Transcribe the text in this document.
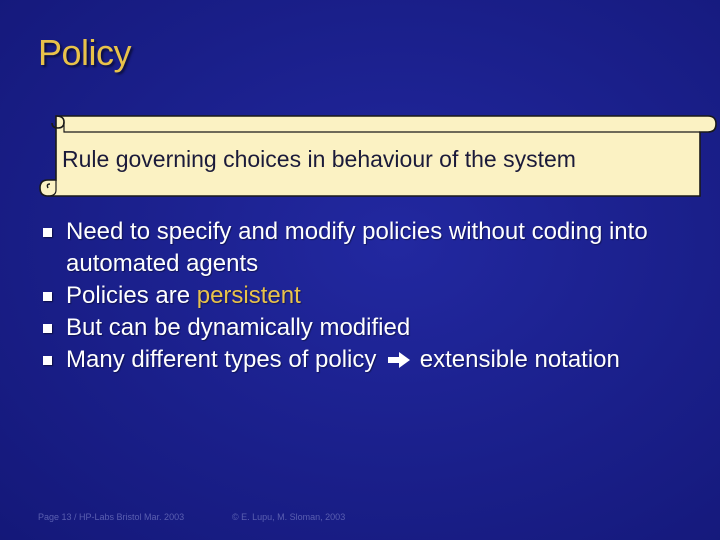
Policy
Rule governing choices in behaviour of the system
Need to specify and modify policies without coding into automated agents
Policies are persistent
But can be dynamically modified
Many different types of policy extensible notation
Page 13 / HP-Labs Bristol Mar. 2003	© E. Lupu, M. Sloman, 2003
